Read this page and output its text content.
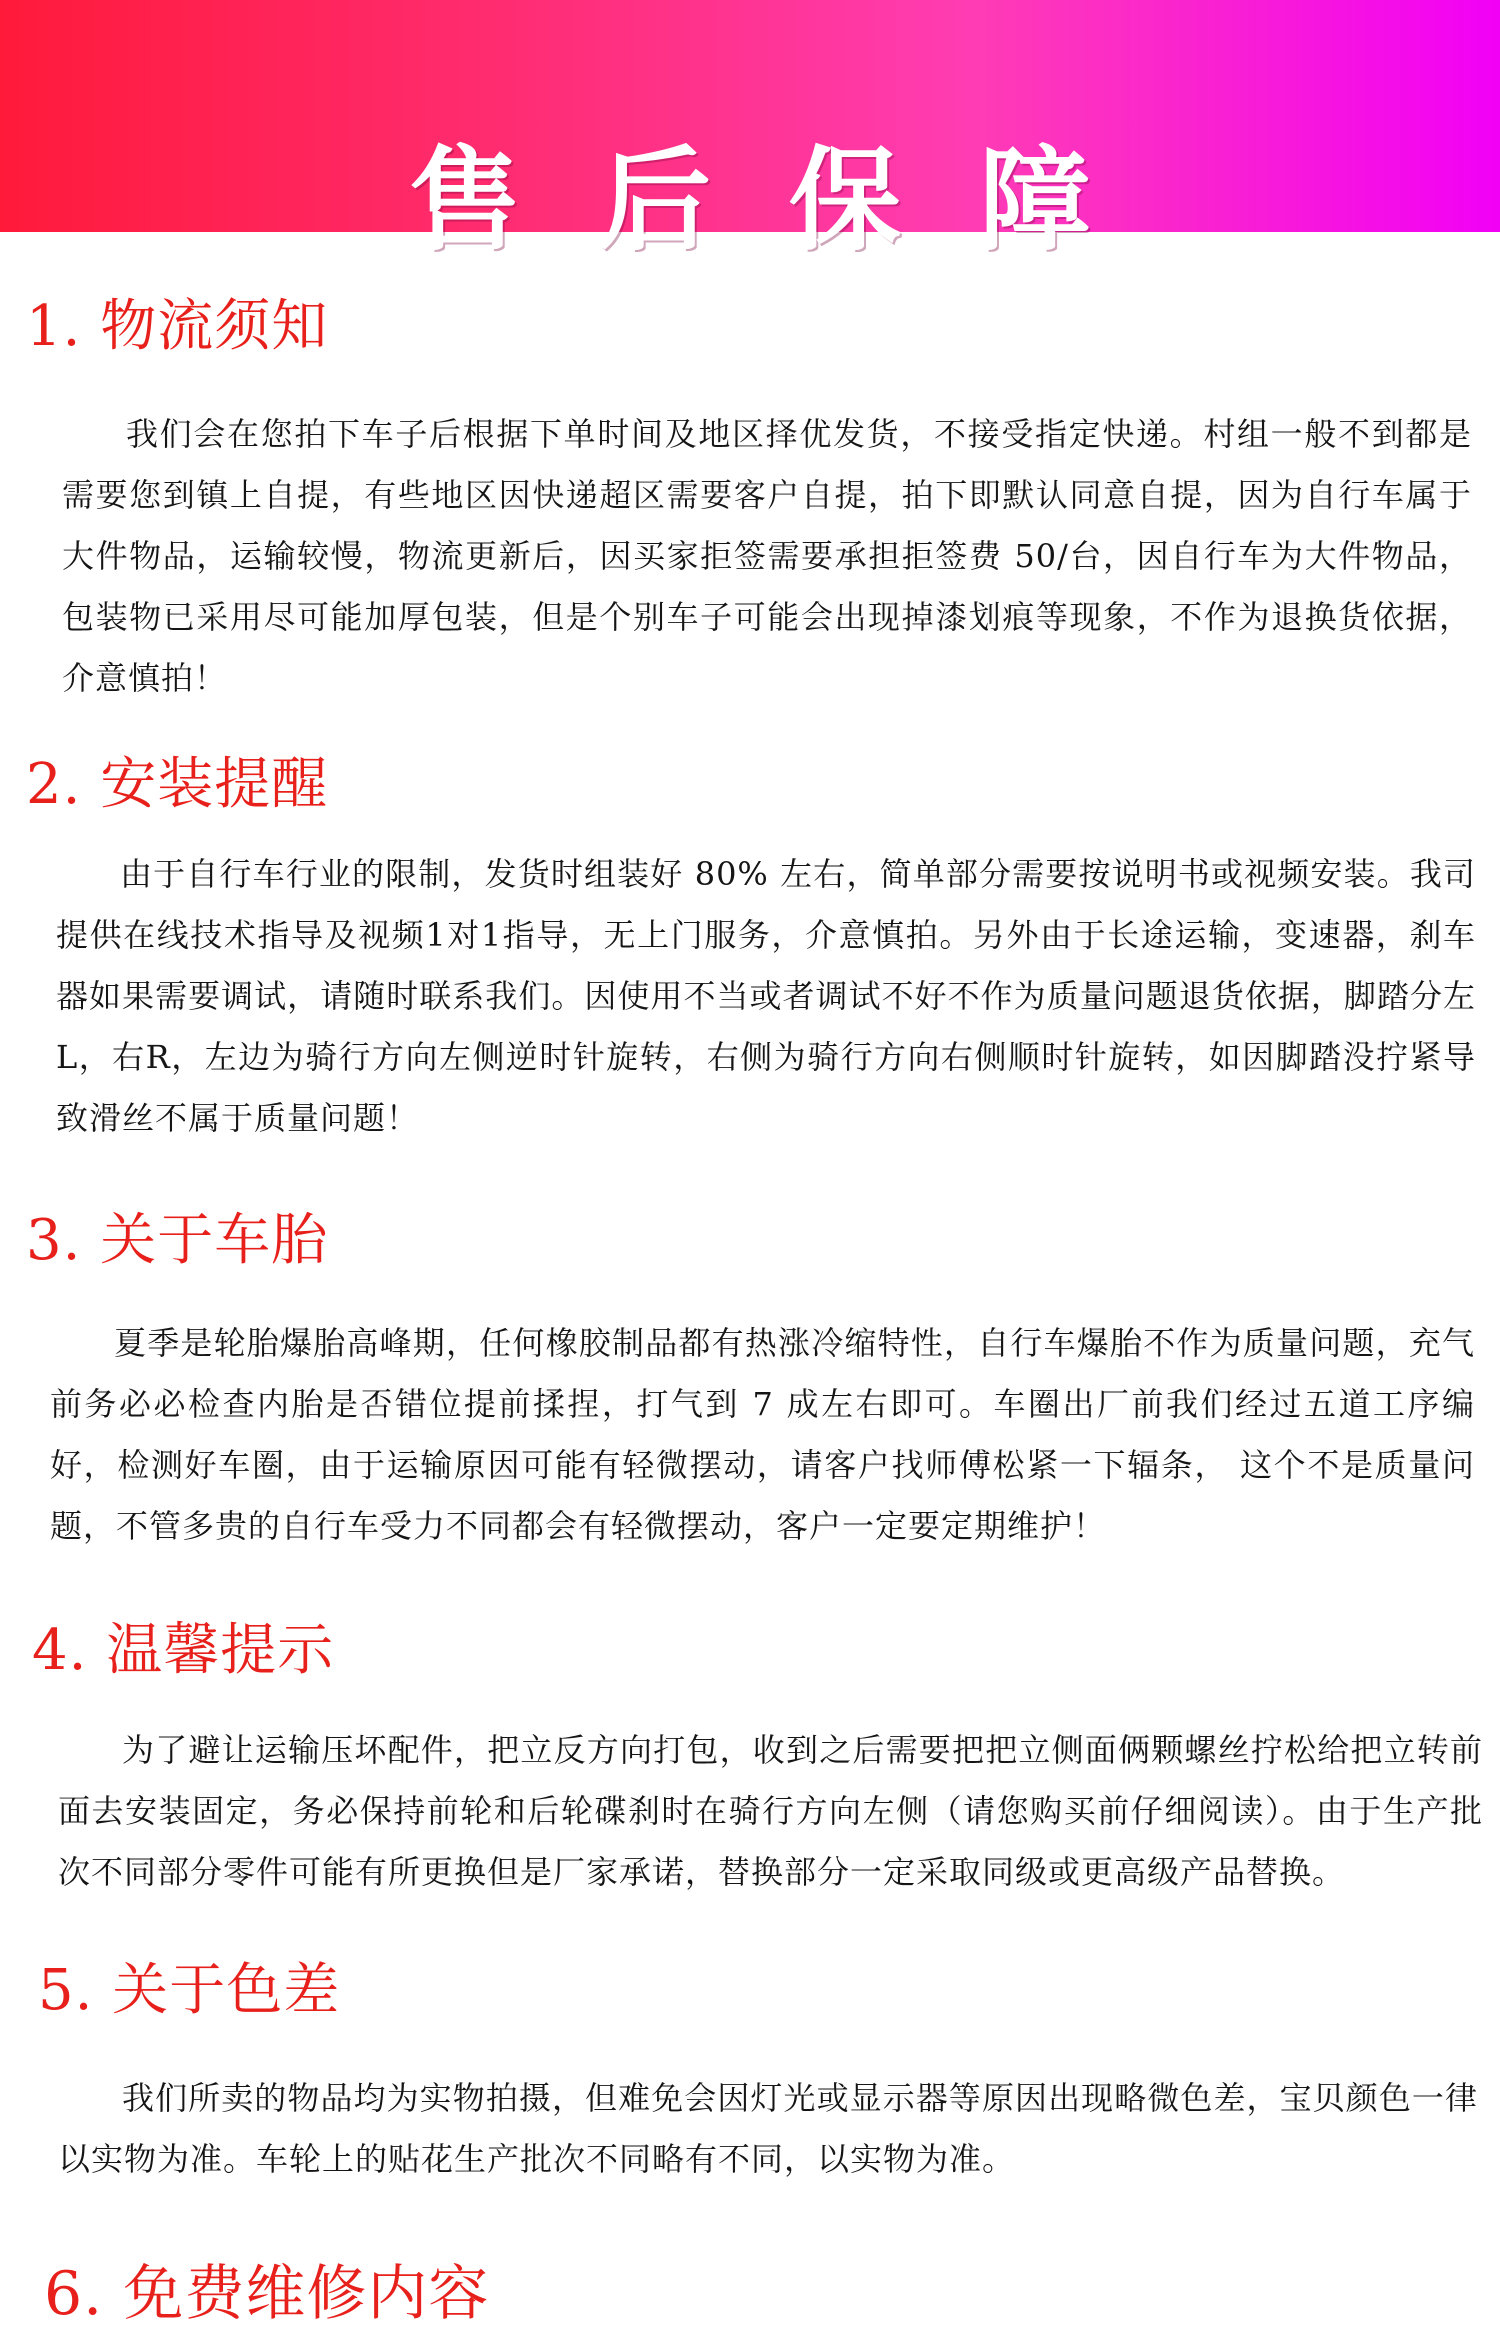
售后保障
1. 物流须知

我们会在您拍下车子后根据下单时间及地区择优发货，不接受指定快递。村组一般不到都是需要您到镇上自提，有些地区因快递超区需要客户自提，拍下即默认同意自提，因为自行车属于大件物品，运输较慢，物流更新后，因买家拒签需要承担拒签费 50/台，因自行车为大件物品，包装物已采用尽可能加厚包装，但是个别车子可能会出现掉漆划痕等现象，不作为退换货依据，介意慎拍！

2. 安装提醒

由于自行车行业的限制，发货时组装好 80% 左右，简单部分需要按说明书或视频安装。我司提供在线技术指导及视频1对1指导，无上门服务，介意慎拍。另外由于长途运输，变速器，刹车器如果需要调试，请随时联系我们。因使用不当或者调试不好不作为质量问题退货依据，脚踏分左L，右R，左边为骑行方向左侧逆时针旋转，右侧为骑行方向右侧顺时针旋转，如因脚踏没拧紧导致滑丝不属于质量问题！

3. 关于车胎

夏季是轮胎爆胎高峰期，任何橡胶制品都有热涨冷缩特性，自行车爆胎不作为质量问题，充气前务必必检查内胎是否错位提前揉捏，打气到 7 成左右即可。车圈出厂前我们经过五道工序编好，检测好车圈，由于运输原因可能有轻微摆动，请客户找师傅松紧一下辐条， 这个不是质量问题，不管多贵的自行车受力不同都会有轻微摆动，客户一定要定期维护！

4. 温馨提示

为了避让运输压坏配件，把立反方向打包，收到之后需要把把立侧面俩颗螺丝拧松给把立转前面去安装固定，务必保持前轮和后轮碟刹时在骑行方向左侧（请您购买前仔细阅读）。由于生产批次不同部分零件可能有所更换但是厂家承诺，替换部分一定采取同级或更高级产品替换。

5. 关于色差

我们所卖的物品均为实物拍摄，但难免会因灯光或显示器等原因出现略微色差，宝贝颜色一律以实物为准。车轮上的贴花生产批次不同略有不同，以实物为准。

6. 免费维修内容
